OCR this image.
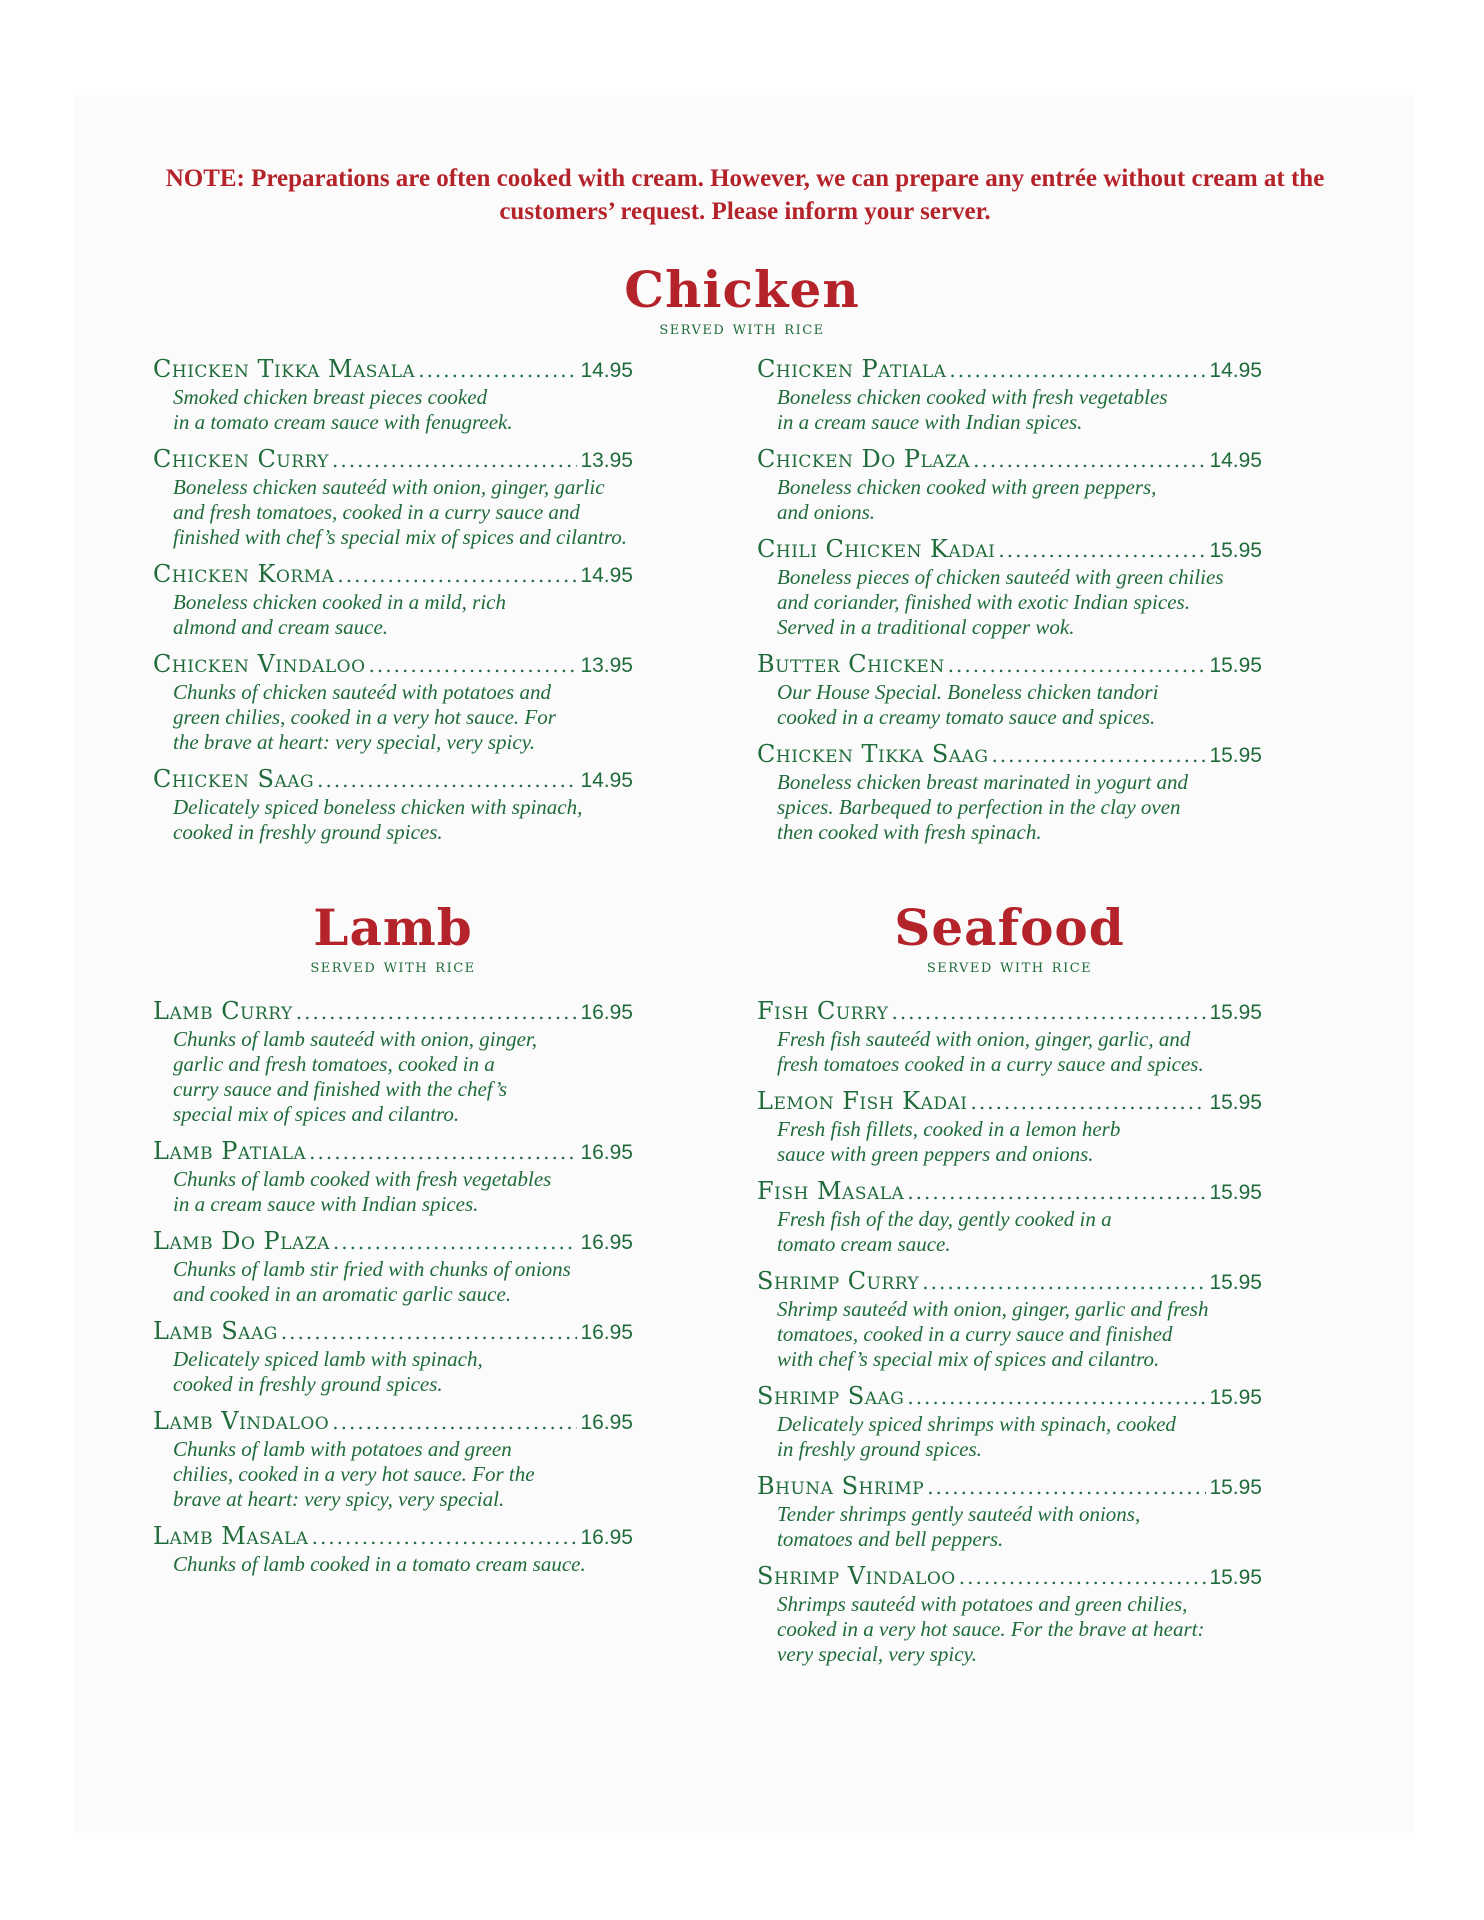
NOTE: Preparations are often cooked with cream. However, we can prepare any entrée without cream at the customers’ request. Please inform your server.
Chicken
served with rice
Chicken Tikka Masala .....	14.95
Smoked chicken breast pieces cooked
in a tomato cream sauce with fenugreek.
Chicken Curry .....	13.95
Boneless chicken sauteéd with onion, ginger, garlic
and fresh tomatoes, cooked in a curry sauce and
finished with chef’s special mix of spices and cilantro.
Chicken Korma .....	14.95
Boneless chicken cooked in a mild, rich
almond and cream sauce.
Chicken Vindaloo .....	13.95
Chunks of chicken sauteéd with potatoes and
green chilies, cooked in a very hot sauce. For
the brave at heart: very special, very spicy.
Chicken Saag .....	14.95
Delicately spiced boneless chicken with spinach,
cooked in freshly ground spices.
Chicken Patiala .....	14.95
Boneless chicken cooked with fresh vegetables
in a cream sauce with Indian spices.
Chicken Do Plaza .....	14.95
Boneless chicken cooked with green peppers,
and onions.
Chili Chicken Kadai .....	15.95
Boneless pieces of chicken sauteéd with green chilies
and coriander, finished with exotic Indian spices.
Served in a traditional copper wok.
Butter Chicken .....	15.95
Our House Special. Boneless chicken tandori
cooked in a creamy tomato sauce and spices.
Chicken Tikka Saag .....	15.95
Boneless chicken breast marinated in yogurt and
spices. Barbequed to perfection in the clay oven
then cooked with fresh spinach.
Lamb
served with rice
Lamb Curry .....	16.95
Chunks of lamb sauteéd with onion, ginger,
garlic and fresh tomatoes, cooked in a
curry sauce and finished with the chef’s
special mix of spices and cilantro.
Lamb Patiala .....	16.95
Chunks of lamb cooked with fresh vegetables
in a cream sauce with Indian spices.
Lamb Do Plaza .....	16.95
Chunks of lamb stir fried with chunks of onions
and cooked in an aromatic garlic sauce.
Lamb Saag .....	16.95
Delicately spiced lamb with spinach,
cooked in freshly ground spices.
Lamb Vindaloo .....	16.95
Chunks of lamb with potatoes and green
chilies, cooked in a very hot sauce. For the
brave at heart: very spicy, very special.
Lamb Masala .....	16.95
Chunks of lamb cooked in a tomato cream sauce.
Seafood
served with rice
Fish Curry .....	15.95
Fresh fish sauteéd with onion, ginger, garlic, and
fresh tomatoes cooked in a curry sauce and spices.
Lemon Fish Kadai .....	15.95
Fresh fish fillets, cooked in a lemon herb
sauce with green peppers and onions.
Fish Masala .....	15.95
Fresh fish of the day, gently cooked in a
tomato cream sauce.
Shrimp Curry .....	15.95
Shrimp sauteéd with onion, ginger, garlic and fresh
tomatoes, cooked in a curry sauce and finished
with chef’s special mix of spices and cilantro.
Shrimp Saag .....	15.95
Delicately spiced shrimps with spinach, cooked
in freshly ground spices.
Bhuna Shrimp .....	15.95
Tender shrimps gently sauteéd with onions,
tomatoes and bell peppers.
Shrimp Vindaloo .....	15.95
Shrimps sauteéd with potatoes and green chilies,
cooked in a very hot sauce. For the brave at heart:
very special, very spicy.
